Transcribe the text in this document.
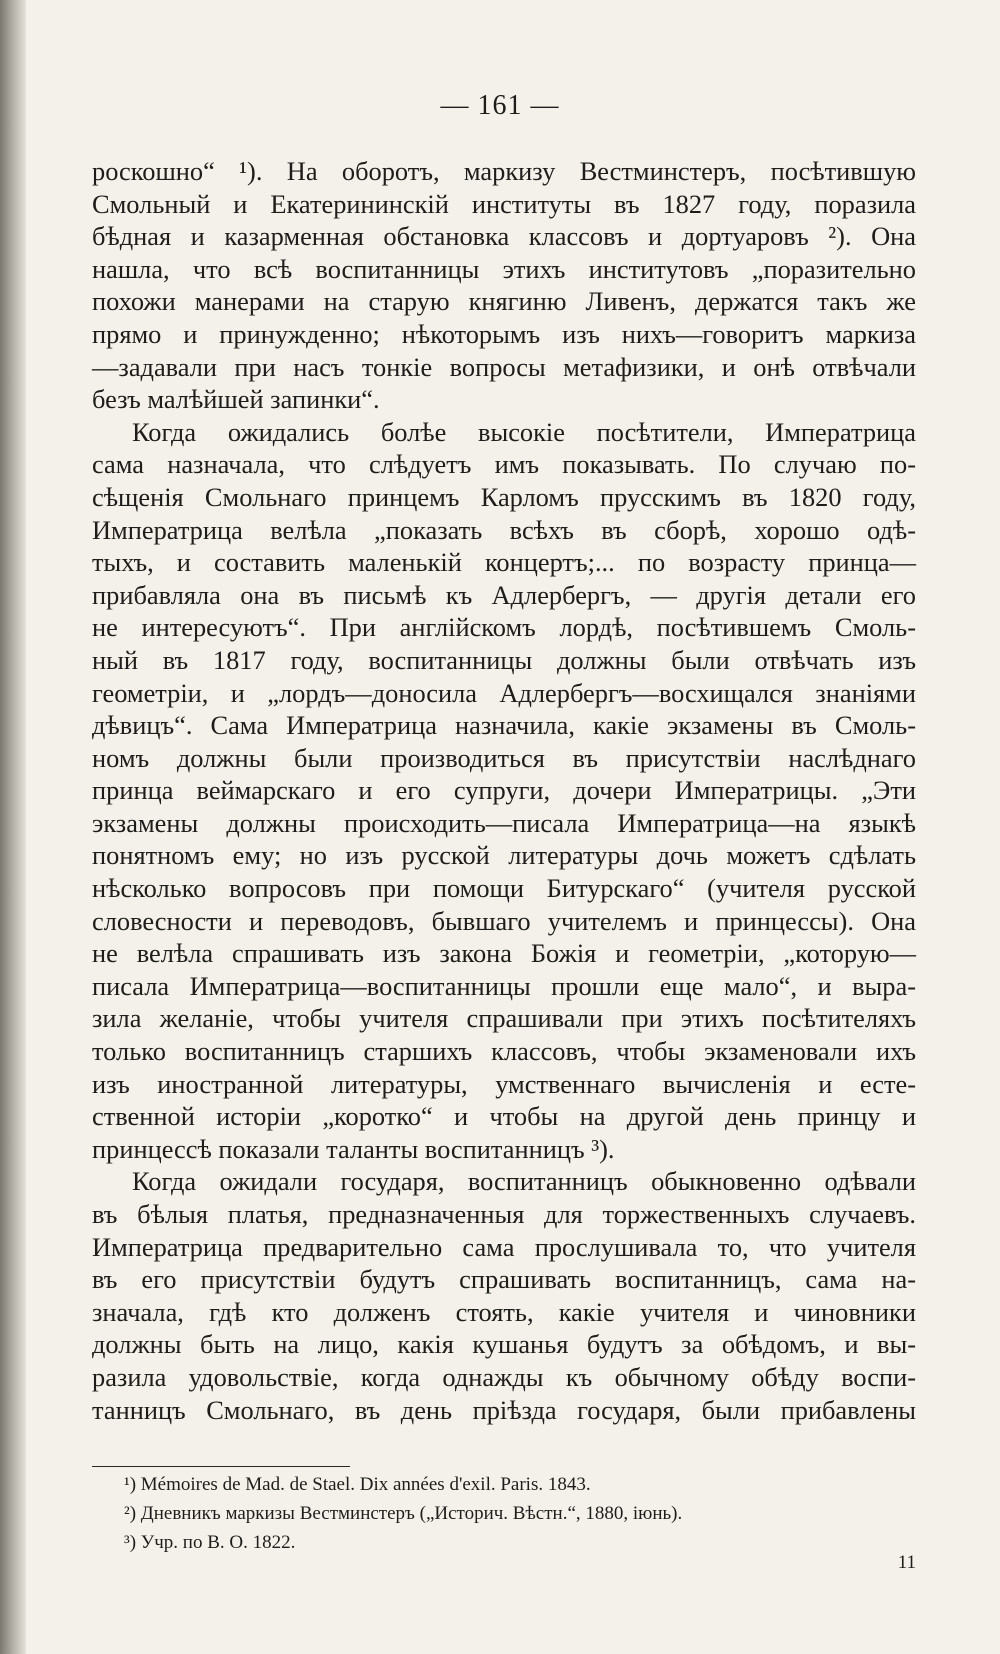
— 161 —
роскошно“ ¹). На оборотъ, маркизу Вестминстеръ, посѣтившую
Смольный и Екатерининскій институты въ 1827 году, поразила
бѣдная и казарменная обстановка классовъ и дортуаровъ ²). Она
нашла, что всѣ воспитанницы этихъ институтовъ „поразительно
похожи манерами на старую княгиню Ливенъ, держатся такъ же
прямо и принужденно; нѣкоторымъ изъ нихъ—говоритъ маркиза
—задавали при насъ тонкіе вопросы метафизики, и онѣ отвѣчали
безъ малѣйшей запинки“.
Когда ожидались болѣе высокіе посѣтители, Императрица
сама назначала, что слѣдуетъ имъ показывать. По случаю по-
сѣщенія Смольнаго принцемъ Карломъ прусскимъ въ 1820 году,
Императрица велѣла „показать всѣхъ въ сборѣ, хорошо одѣ-
тыхъ, и составить маленькій концертъ;... по возрасту принца—
прибавляла она въ письмѣ къ Адлербергъ, — другія детали его
не интересуютъ“. При англійскомъ лордѣ, посѣтившемъ Смоль-
ный въ 1817 году, воспитанницы должны были отвѣчать изъ
геометріи, и „лордъ—доносила Адлербергъ—восхищался знаніями
дѣвицъ“. Сама Императрица назначила, какіе экзамены въ Смоль-
номъ должны были производиться въ присутствіи наслѣднаго
принца веймарскаго и его супруги, дочери Императрицы. „Эти
экзамены должны происходить—писала Императрица—на языкѣ
понятномъ ему; но изъ русской литературы дочь можетъ сдѣлать
нѣсколько вопросовъ при помощи Битурскаго“ (учителя русской
словесности и переводовъ, бывшаго учителемъ и принцессы). Она
не велѣла спрашивать изъ закона Божія и геометріи, „которую—
писала Императрица—воспитанницы прошли еще мало“, и выра-
зила желаніе, чтобы учителя спрашивали при этихъ посѣтителяхъ
только воспитанницъ старшихъ классовъ, чтобы экзаменовали ихъ
изъ иностранной литературы, умственнаго вычисленія и есте-
ственной исторіи „коротко“ и чтобы на другой день принцу и
принцессѣ показали таланты воспитанницъ ³).
Когда ожидали государя, воспитанницъ обыкновенно одѣвали
въ бѣлыя платья, предназначенныя для торжественныхъ случаевъ.
Императрица предварительно сама прослушивала то, что учителя
въ его присутствіи будутъ спрашивать воспитанницъ, сама на-
значала, гдѣ кто долженъ стоять, какіе учителя и чиновники
должны быть на лицо, какія кушанья будутъ за обѣдомъ, и вы-
разила удовольствіе, когда однажды къ обычному обѣду воспи-
танницъ Смольнаго, въ день пріѣзда государя, были прибавлены
¹) Mémoires de Mad. de Stael. Dix années d'exil. Paris. 1843.
²) Дневникъ маркизы Вестминстеръ („Историч. Вѣстн.“, 1880, іюнь).
³) Учр. по В. О. 1822.
11
